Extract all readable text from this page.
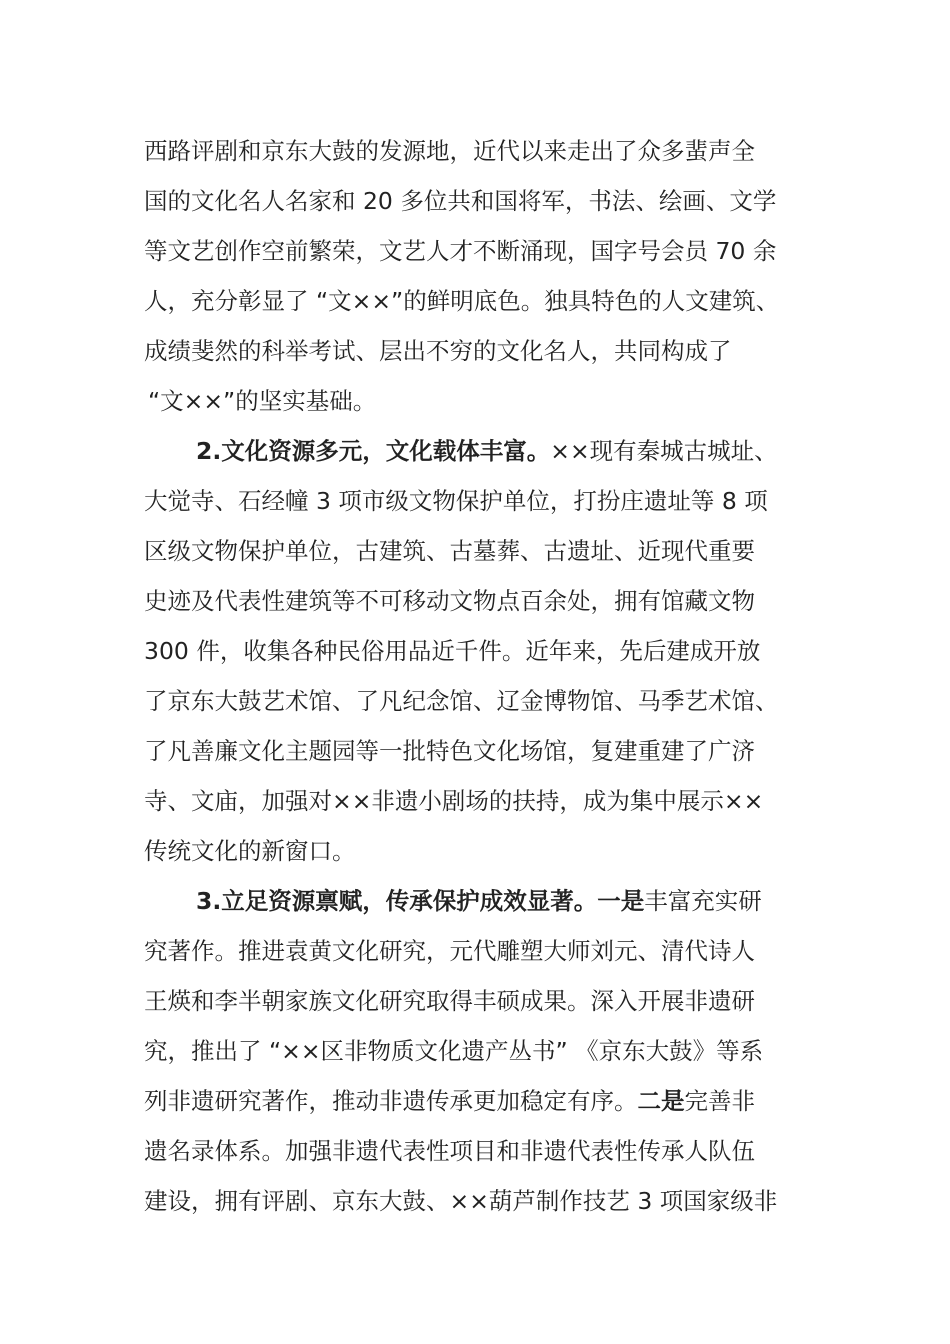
西路评剧和京东大鼓的发源地，近代以来走出了众多蜚声全
国的文化名人名家和 20 多位共和国将军，书法、绘画、文学
等文艺创作空前繁荣，文艺人才不断涌现，国字号会员 70 余
人，充分彰显了 “文××”的鲜明底色。独具特色的人文建筑、
成绩斐然的科举考试、层出不穷的文化名人，共同构成了
“文××”的坚实基础。
2.文化资源多元，文化载体丰富。××现有秦城古城址、
大觉寺、石经幢 3 项市级文物保护单位，打扮庄遗址等 8 项
区级文物保护单位，古建筑、古墓葬、古遗址、近现代重要
史迹及代表性建筑等不可移动文物点百余处，拥有馆藏文物
300 件，收集各种民俗用品近千件。近年来，先后建成开放
了京东大鼓艺术馆、了凡纪念馆、辽金博物馆、马季艺术馆、
了凡善廉文化主题园等一批特色文化场馆，复建重建了广济
寺、文庙，加强对××非遗小剧场的扶持，成为集中展示××
传统文化的新窗口。
3.立足资源禀赋，传承保护成效显著。一是丰富充实研
究著作。推进袁黄文化研究，元代雕塑大师刘元、清代诗人
王煐和李半朝家族文化研究取得丰硕成果。深入开展非遗研
究，推出了 “××区非物质文化遗产丛书” 《京东大鼓》等系
列非遗研究著作，推动非遗传承更加稳定有序。二是完善非
遗名录体系。加强非遗代表性项目和非遗代表性传承人队伍
建设，拥有评剧、京东大鼓、××葫芦制作技艺 3 项国家级非
